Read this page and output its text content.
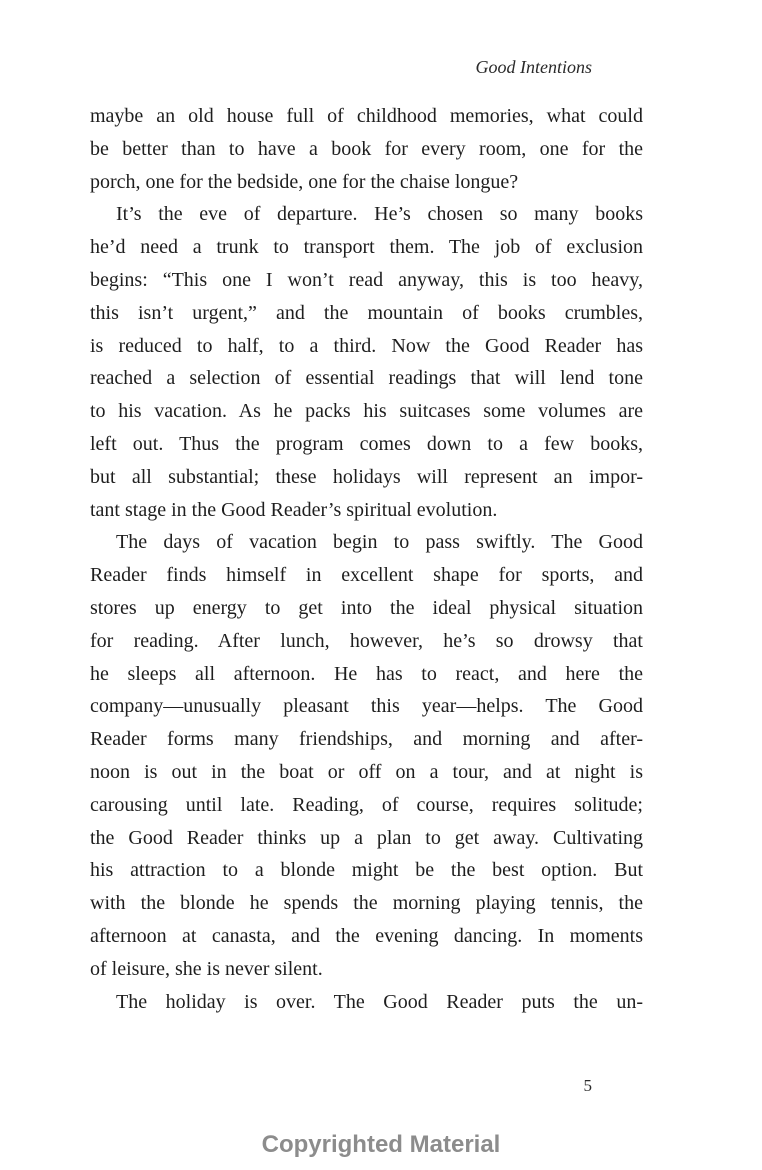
Good Intentions
maybe an old house full of childhood memories, what could
be better than to have a book for every room, one for the
porch, one for the bedside, one for the chaise longue?
It’s the eve of departure. He’s chosen so many books
he’d need a trunk to transport them. The job of exclusion
begins: “This one I won’t read anyway, this is too heavy,
this isn’t urgent,” and the mountain of books crumbles,
is reduced to half, to a third. Now the Good Reader has
reached a selection of essential readings that will lend tone
to his vacation. As he packs his suitcases some volumes are
left out. Thus the program comes down to a few books,
but all substantial; these holidays will represent an impor-
tant stage in the Good Reader’s spiritual evolution.
The days of vacation begin to pass swiftly. The Good
Reader finds himself in excellent shape for sports, and
stores up energy to get into the ideal physical situation
for reading. After lunch, however, he’s so drowsy that
he sleeps all afternoon. He has to react, and here the
company—unusually pleasant this year—helps. The Good
Reader forms many friendships, and morning and after-
noon is out in the boat or off on a tour, and at night is
carousing until late. Reading, of course, requires solitude;
the Good Reader thinks up a plan to get away. Cultivating
his attraction to a blonde might be the best option. But
with the blonde he spends the morning playing tennis, the
afternoon at canasta, and the evening dancing. In moments
of leisure, she is never silent.
The holiday is over. The Good Reader puts the un-
5
Copyrighted Material
